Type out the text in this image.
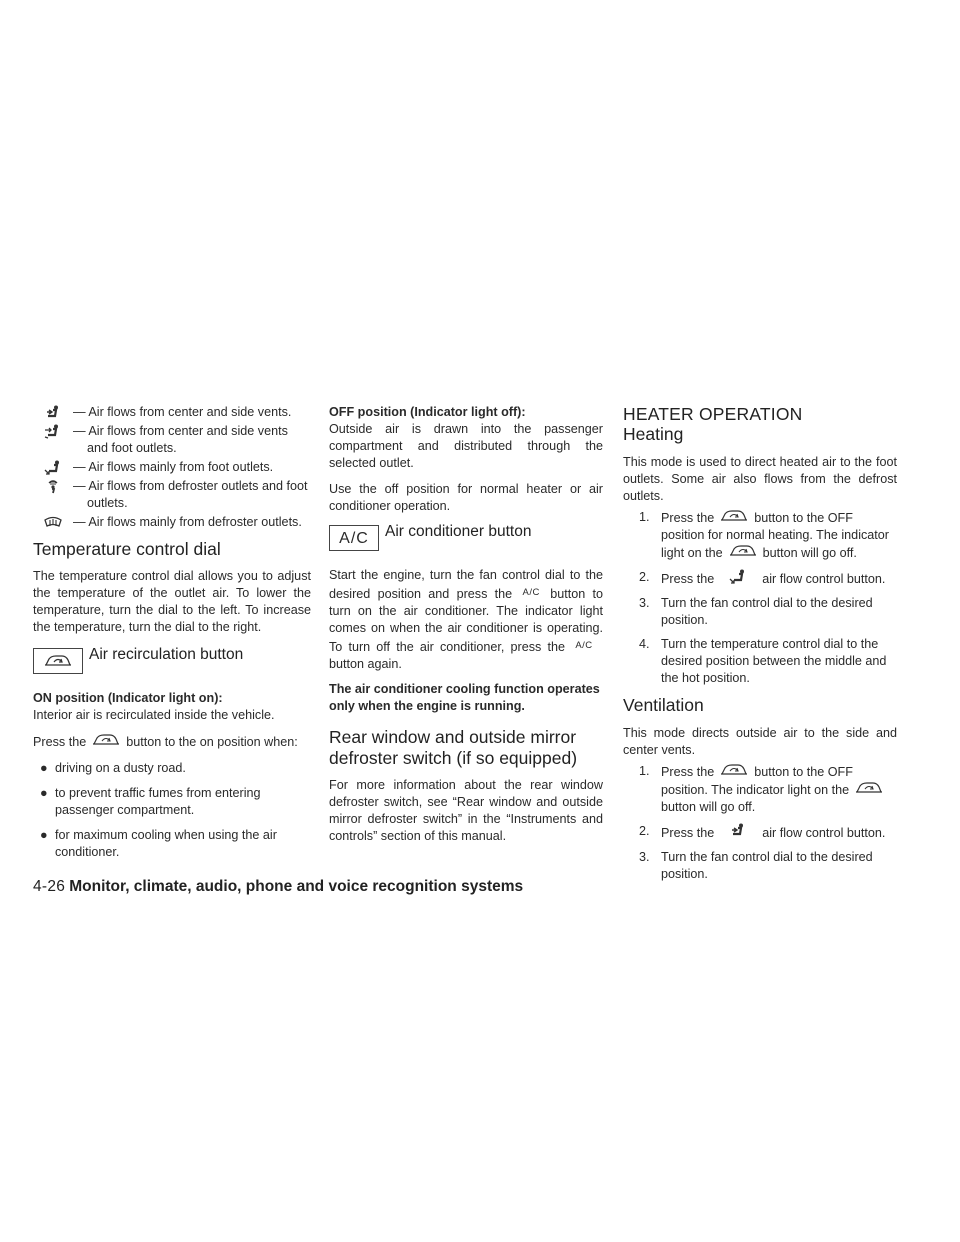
— Air flows from center and side vents.
— Air flows from center and side vents and foot outlets.
— Air flows mainly from foot outlets.
— Air flows from defroster outlets and foot outlets.
— Air flows mainly from defroster outlets.

Temperature control dial

The temperature control dial allows you to adjust the temperature of the outlet air. To lower the temperature, turn the dial to the left. To increase the temperature, turn the dial to the right.

Air recirculation button

ON position (Indicator light on):

Interior air is recirculated inside the vehicle.

Press the	button to the on position when:

● driving on a dusty road.
● to prevent traffic fumes from entering passenger compartment.
● for maximum cooling when using the air conditioner.

OFF position (Indicator light off):

Outside air is drawn into the passenger compartment and distributed through the selected outlet.

Use the off position for normal heater or air conditioner operation.

A/C Air conditioner button

Start the engine, turn the fan control dial to the desired position and press the A/C button to turn on the air conditioner. The indicator light comes on when the air conditioner is operating. To turn off the air conditioner, press the A/Cbutton again.

The air conditioner cooling function operates only when the engine is running.

Rear window and outside mirror defroster switch (if so equipped)

For more information about the rear window defroster switch, see “Rear window and outside mirror defroster switch” in the “Instruments and controls” section of this manual.

HEATER OPERATION

Heating

This mode is used to direct heated air to the foot outlets. Some air also flows from the defrost outlets.

1. Press the	button to the OFF position for normal heating. The indicator light on the	button will go off.
2. Press the	air flow control button.
3. Turn the fan control dial to the desired position.
4. Turn the temperature control dial to the desired position between the middle and the hot position.

Ventilation

This mode directs outside air to the side and center vents.

1. Press the	button to the OFF position. The indicator light on thebutton will go off.
2. Press the	air flow control button.
3. Turn the fan control dial to the desired position.
4-26 Monitor, climate, audio, phone and voice recognition systems
